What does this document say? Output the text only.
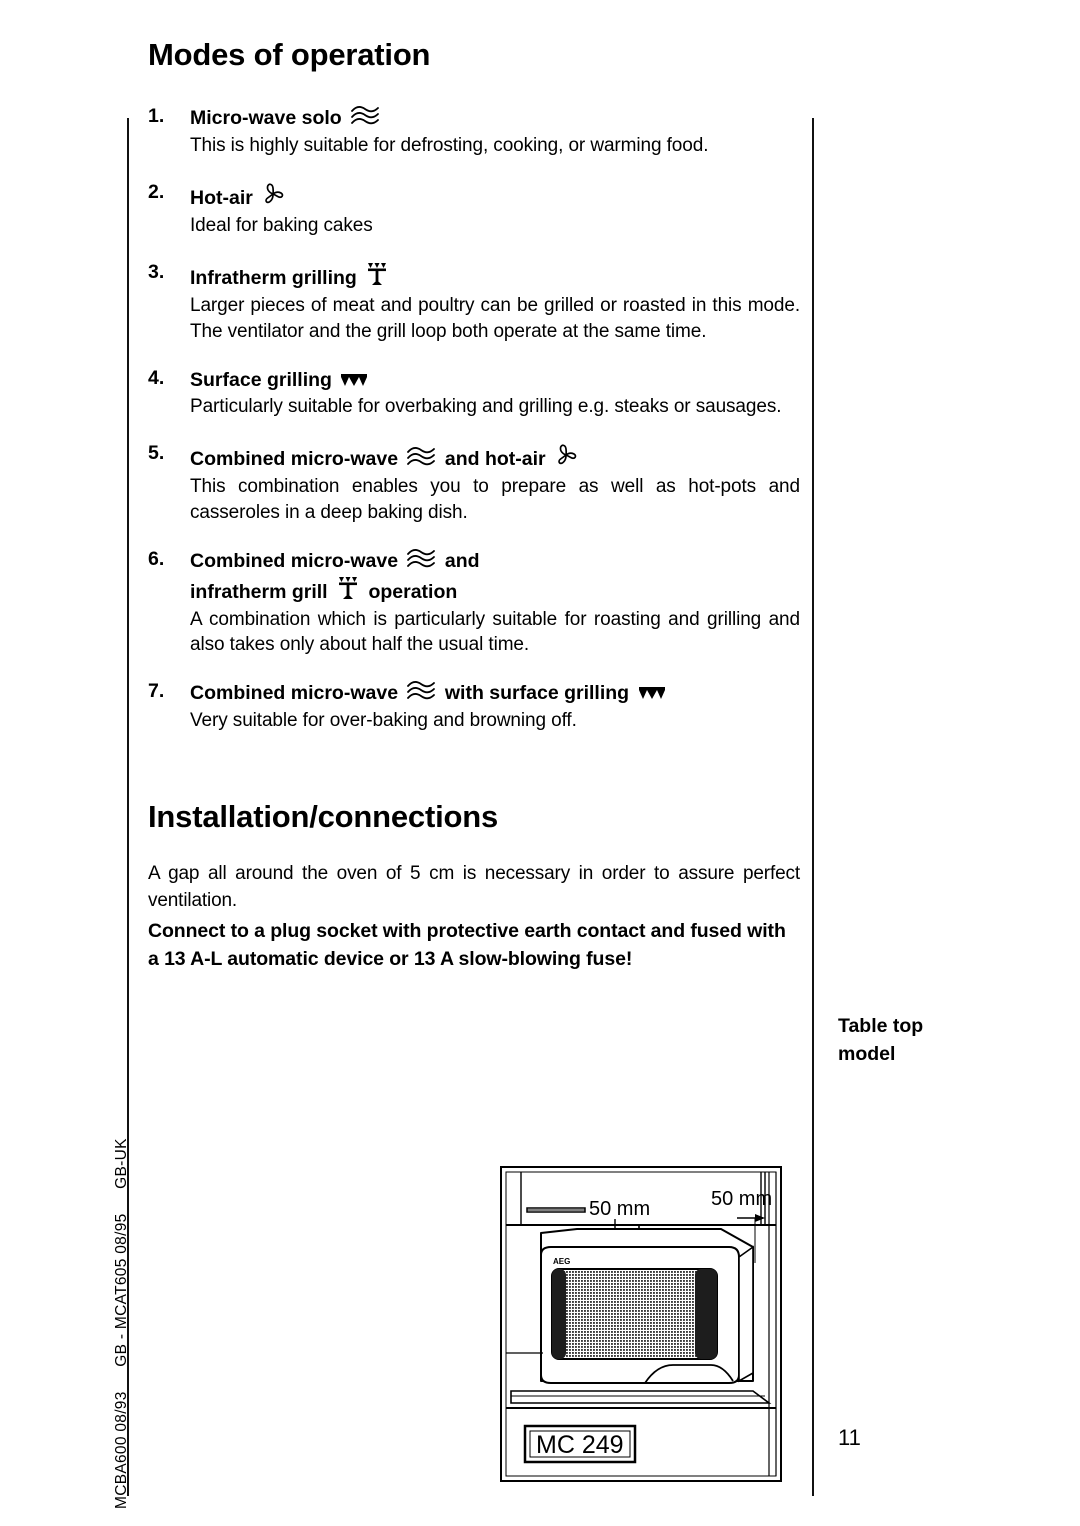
MCBA600 08/93 GB - MCAT605 08/95 GB-UK
Modes of operation
1. Micro-wave solo
This is highly suitable for defrosting, cooking, or warming food.
2. Hot-air
Ideal for baking cakes
3. Infratherm grilling
Larger pieces of meat and poultry can be grilled or roasted in this mode. The ventilator and the grill loop both operate at the same time.
4. Surface grilling
Particularly suitable for overbaking and grilling e.g. steaks or sausages.
5. Combined micro-wave and hot-air
This combination enables you to prepare as well as hot-pots and casseroles in a deep baking dish.
6. Combined micro-wave and
infratherm grill operation
A combination which is particularly suitable for roasting and grilling and also takes only about half the usual time.
7. Combined micro-wave with surface grilling
Very suitable for over-baking and browning off.
Installation/connections

A gap all around the oven of 5 cm is necessary in order to assure perfect ventilation.

Connect to a plug socket with protective earth contact and fused with a 13 A-L automatic device or 13 A slow-blowing fuse!

Table top
model
11
50 mm	50 mm
AEG
MC 249
